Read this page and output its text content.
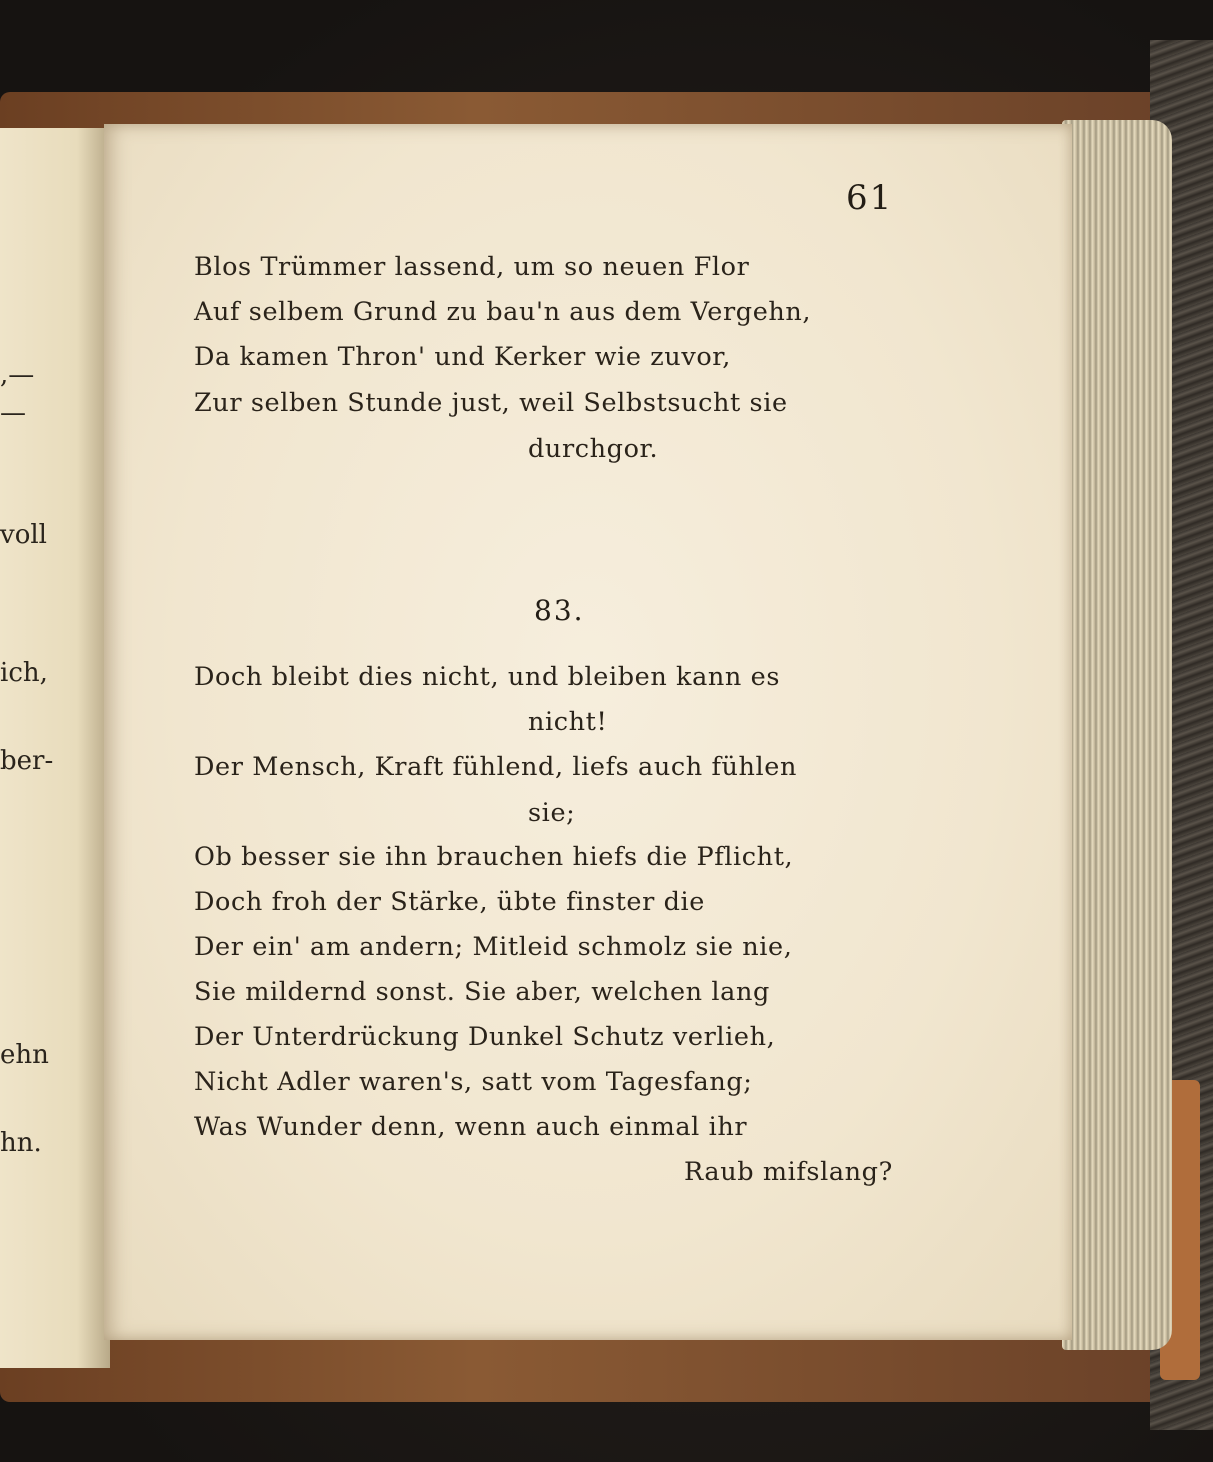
,—
—
voll
ich,
ber-
ehn
hn.

61
Blos Trümmer lassend, um so neuen Flor
Auf selbem Grund zu bau'n aus dem Vergehn,
Da kamen Thron' und Kerker wie zuvor,
Zur selben Stunde just, weil Selbstsucht sie
durchgor.
83.
Doch bleibt dies nicht, und bleiben kann es
nicht!
Der Mensch, Kraft fühlend, liefs auch fühlen
sie;
Ob besser sie ihn brauchen hiefs die Pflicht,
Doch froh der Stärke, übte finster die
Der ein' am andern; Mitleid schmolz sie nie,
Sie mildernd sonst. Sie aber, welchen lang
Der Unterdrückung Dunkel Schutz verlieh,
Nicht Adler waren's, satt vom Tagesfang;
Was Wunder denn, wenn auch einmal ihr
Raub mifslang?
